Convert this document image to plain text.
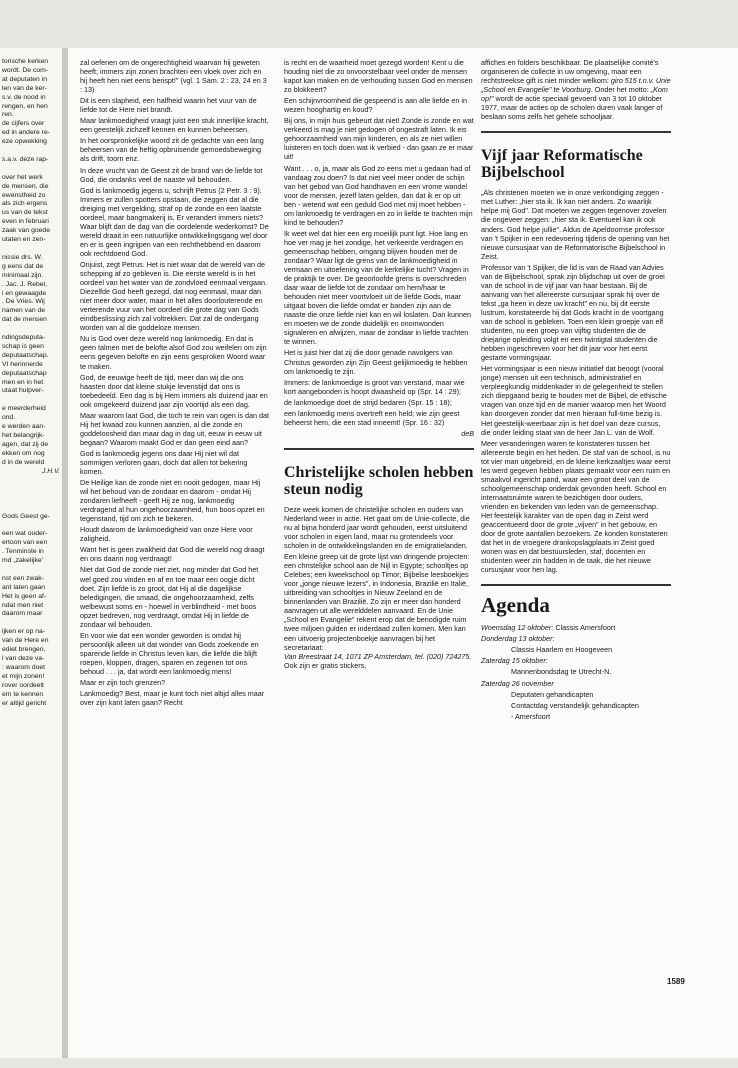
torische kerken
wordt. De com-
at deputaten in
len van de ker-
s.v. de nood in
rengen, en hen
ren.
de cijfers over
ed in andere re-
eze opwekking
s.a.v. deze rap-
over het werk
de mensen, die
ewenstheid zo
als zich ergens
us van de tekst
even in februari
zaak van goede
utaten en zen-
nissie drs. W.
g eens dat de
minimaal zijn.
. Jac. J. Rebel,
i en gewaagde
. De Vries. Wij
namen van de
dat de mensen
ndingsdeputa-
schap is geen
deputaatschap.
VI herinnerde
deputaatschap
men en in het
utaat hulpver-
e meerderheid
ond.
e werden aan-
het belangrijk-
agen, dat zij de
ekken om nog
d in de wereld
J.H.V.
Gods Geest ge-
een wat ouder-
ertoon van een
. Tenminste in
md „zakelijke'
nst een zwak-
ant laten gaan
Het is geen af-
ndat men niet
daarom maar
ijken er op na-
van de Here en
ediet brengen,
l van deze va-
: waarom doet
et mijn zonen!
rover oordeelt
em te kennen
er altijd gericht

zal oefenen om de ongerechtigheid waarvan hij geweten heeft; immers zijn zonen brachten een vloek over zich en hij heeft hen niet eens berispt!" (vgl. 1 Sam. 2 : 23, 24 en 3 : 13)

Dit is een slapheid, een halfheid waarin het vuur van de liefde tot de Here niet brandt.

Maar lankmoedigheid vraagt juist een stuk innerlijke kracht, een geestelijk zichzelf kennen en kunnen beheersen.

In het oorspronkelijke woord zit de gedachte van een lang beheersen van de heftig opbruisende gemoedsbeweging als drift, toorn enz.

In deze vrucht van de Geest zit de brand van de liefde tot God, die ondanks veel de naaste wil behouden.

God is lankmoedig jegens u, schrijft Petrus (2 Petr. 3 : 9). Immers er zullen spotters opstaan, die zeggen dat al die dreiging met vergelding, straf op de zonde en een laatste oordeel, maar bangmakerij is. Er verandert immers niets? Waar blijft dan de dag van die oordelende wederkomst? De wereld draait in een natuurlijke ontwikkelingsgang wel door en er is geen ingrijpen van een rechthebbend en daarom ook rechtdoend God.

Onjuist, zegt Petrus. Het is niet waar dat de wereld van de schepping af zo gebleven is. Die eerste wereld is in het oordeel van het water van de zondvloed eenmaal vergaan. Diezelfde God heeft gezegd, dat nog eenmaal, maar dan niet meer door water, maar in het alles doorlouterende en verterende vuur van het oordeel die grote dag van Gods eindbeslissing zich zal voltrekken. Dat zal de ondergang worden van al die goddeloze mensen.

Nu is God over deze wereld nog lankmoedig. En dat is geen talmen met de belofte alsof God zou weifelen om zijn eens gegeven belofte en zijn eens gesproken Woord waar te maken.

God, de eeuwige heeft de tijd, meer dan wij die ons haasten door dat kleine stukje levenstijd dat ons is toebedeeld. Een dag is bij Hem immers als duizend jaar en ook omgekeerd duizend jaar zijn voortijd als een dag.

Maar waarom laat God, die toch te rein van ogen is dan dat Hij het kwaad zou kunnen aanzien, al die zonde en goddeloosheid dan maar dag in dag uit, eeuw in eeuw uit begaan? Waarom maakt God er dan geen eind aan?

God is lankmoedig jegens ons daar Hij niet wil dat sommigen verloren gaan, doch dat allen tot bekering komen.

De Heilige kan de zonde niet en nooit gedogen, maar Hij wil het behoud van de zondaar en daarom - omdat Hij zondaren liefheeft - geeft Hij ze nog, lankmoedig verdragend al hun ongehoorzaamheid, hun boos opzet en tegenstand, tijd om zich te bekeren.

Houdt daarom de lankmoedigheid van onze Here voor zaligheid.

Want het is geen zwakheid dat God die wereld nog draagt en ons daarin nog verdraagt!

Niet dat God de zonde niet ziet, nog minder dat God het wel goed zou vinden en af en toe maar een oogje dicht doet. Zijn liefde is zo groot, dat Hij al die dagelijkse beledigingen, die smaad, die ongehoorzaamheid, zelfs welbewust soms en - hoewel in verblindheid - met boos opzet bedreven, nog verdraagt, omdat Hij in liefde de zondaar wil behouden.

En voor wie dat een wonder geworden is omdat hij persoonlijk alleen uit dat wonder van Gods zoekende en sparende liefde in Christus leven kan, die liefde die blijft roepen, kloppen, dragen, sparen en zegenen tot ons behoud . . . ja, dat wordt een lankmoedig mens!

Maar er zijn toch grenzen?

Lankmoedig? Best, maar je kunt toch niet altijd alles maar over zijn kant laten gaan? Recht

is recht en de waarheid moet gezegd worden! Kent u die houding niet die zo onvoorstelbaar veel onder de mensen kapot kan maken en de verhouding tussen God en mensen zo blokkeert?

Een schijnvroomheid die gespeend is aan alle liefde en in wezen hooghartig en koud?

Bij ons, in mijn huis gebeurt dat niet! Zonde is zonde en wat verkeerd is mag je niet gedogen of ongestraft laten. Ik eis gehoorzaamheid van mijn kinderen, en als ze niet willen luisteren en toch doen wat ik verbied - dan gaan ze er maar uit!

Want . . . o, ja, maar als God zo eens met u gedaan had of vandaag zou doen? Is dat niet veel meer onder de schijn van het gebod van God handhaven en een vrome wandel voor de mensen, jezelf laten gelden, dan dat ik er op uit ben - wetend wat een geduld God met mij moet hebben - om lankmoedig te verdragen en zo in liefde te trachten mijn kind te behouden?

Ik weet wel dat hier een erg moeilijk punt ligt. Hoe lang en hoe ver mag je het zondige, het verkeerde verdragen en gemeenschap hebben, omgang blijven houden met de zondaar? Waar ligt de grens van de lankmoedigheid in vermaan en uitoefening van de kerkelijke tucht? Vragen in de praktijk te over. De geoorloofde grens is overschreden daar waar de liefde tot de zondaar om hem/haar te behouden niet meer voortvloeit uit de liefde Gods, maar uitgaat boven die liefde omdat er banden zijn aan de naaste die onze liefde niet kan en wil loslaten. Dan kunnen en moeten we de zonde duidelijk en onomwonden signaleren en afwijzen, maar de zondaar in liefde trachten te winnen.

Het is juist hier dat zij die door genade navolgers van Christus geworden zijn Zijn Geest gelijkmoedig te hebben om lankmoedig te zijn.

Immers: de lankmoedige is groot van verstand, maar wie kort aangebonden is hoopt dwaasheid op (Spr. 14 : 29);

de lankmoedige doet de strijd bedaren (Spr. 15 : 18);

een lankmoedig mens overtreft een held; wie zijn geest beheerst hem, die een stad inneemt! (Spr. 16 : 32)

deB
Christelijke scholen hebben steun nodig

Deze week komen de christelijke scholen en ouders van Nederland weer in actie. Het gaat om de Unie-collecte, die nu al bijna honderd jaar wordt gehouden, eerst uitsluitend voor scholen in eigen land, maar nu grotendeels voor scholen in de ontwikkelingslanden en de emigratielanden.

Een kleine greep uit de grote lijst van dringende projecten: een christelijke school aan de Nijl in Egypte; schooltjes op Celebes; een kweekschool op Timor; Bijbelse leesboekjes voor „jonge nieuwe lezers", in Indonesia, Brazilië en Italië, uitbreiding van schooltjes in Nieuw Zeeland en de binnenlanden van Brazilië. Zo zijn er meer dan honderd aanvragen uit alle werelddelen aanvaard. En de Unie „School en Evangelie" rekent erop dat de benodigde ruim twee miljoen gulden er inderdaad zullen komen. Men kan een uitvoerig projectenboekje aanvragen bij het secretariaat:

Van Breestraat 14, 1071 ZP Amsterdam, tel. (020) 724275. Ook zijn er gratis stickers,

affiches en folders beschikbaar. De plaatselijke comité's organiseren de collecte in uw omgeving, maar een rechtstreekse gift is niet minder welkom: giro 515 t.n.v. Unie „School en Evangelie" te Voorburg. Onder het motto: „Kom op!" wordt de actie speciaal gevoerd van 3 tot 10 oktober 1977, maar de acties op de scholen duren vaak langer of beslaan soms zelfs het gehele schooljaar.

Vijf jaar Reformatische Bijbelschool

„Als christenen moeten we in onze verkondiging zeggen - met Luther: „hier sta ik. Ik kan niet anders. Zo waarlijk helpe mij God". Dat moeten we zeggen tegenover zovelen die ongeveer zeggen: „hier sta ik. Eventueel kan ik ook anders. God helpe jullie". Aldus de Apeldoornse professor van 't Spijker in een redevoering tijdens de opening van het nieuwe cursusjaar van de Reformatorische Bijbelschool in Zeist.

Professor van 't Spijker, die lid is van de Raad van Advies van de Bijbelschool, sprak zijn blijdschap uit over de groei van de school in de vijf jaar van haar bestaan. Bij de aanvang van het allereerste cursusjaar sprak hij over de tekst „ga heen in deze uw kracht" en nu, bij dit eerste lustrum, konstateerde hij dat Gods kracht in de voortgang van de school is gebleken. Toen een klein groepje van elf studenten, nu een groep van vijftig studenten die de driejarige opleiding volgt en een twintigtal studenten die hebben ingeschreven voor het dit jaar voor het eerst gestarte vormingsjaar.

Het vormingsjaar is een nieuw initiatief dat beoogt (vooral jonge) mensen uit een technisch, administratief en verpleegkundig middenkader in de gelegenheid te stellen zich diepgaand bezig te houden met de Bijbel, de ethische vragen van onze tijd en de manier waarop men het Woord kan doorgeven zonder dat men hieraan full-time bezig is. Het geestelijk-weerbaar zijn is het doel van deze cursus, die onder leiding staat van de heer Jan L. van de Wolf.

Meer veranderingen waren te konstateren tussen het allereerste begin en het heden. De staf van de school, is nu tot vier man uitgebreid, en de kleine kerkzaaltjes waar eerst les werd gegeven hebben plaats gemaakt voor een ruim en smaakvol ingericht pand, waar een groot deel van de schoolgemeenschap onderdak gevonden heeft. School en internaatsruimte waren te bezichtigen door ouders, vrienden en bekenden van leden van de gemeenschap. Het feestelijk karakter van de open dag in Zeist werd geaccentueerd door de grote „vijven" in het gebouw, en door de grote aantallen bezoekers. Ze konden konstateren dat het in de vroegere drankopslagplaats in Zeist goed wonen was en dat bestuursleden, staf, docenten en studenten weer zin hadden in de taak, die het nieuwe cursusjaar voor hen lag.

Agenda

Woensdag 12 oktober: Classis Amersfoort

Donderdag 13 oktober:

Classis Haarlem en Hoogeveen

Zaterdag 15 oktober:

Mannenbondsdag te Utrecht-N.

Zaterdag 26 november

Deputaten gehandicapten

Contactdag verstandelijk gehandicapten

- Amersfoort

1589
